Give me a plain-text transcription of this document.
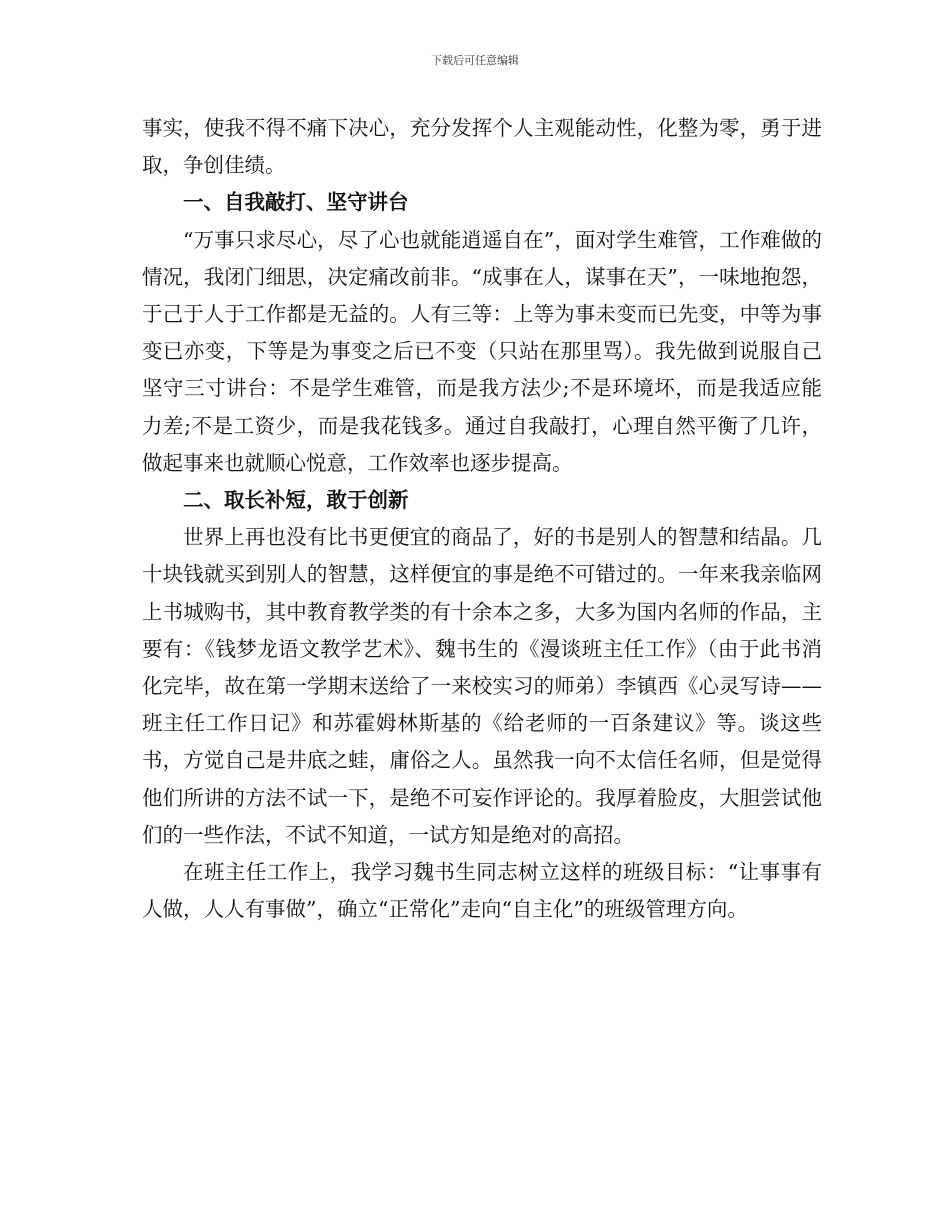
下载后可任意编辑

事实，使我不得不痛下决心，充分发挥个人主观能动性，化整为零，勇于进取，争创佳绩。

一、自我敲打、坚守讲台

“万事只求尽心，尽了心也就能逍遥自在”，面对学生难管，工作难做的情况，我闭门细思，决定痛改前非。“成事在人，谋事在天”，一味地抱怨，于己于人于工作都是无益的。人有三等：上等为事未变而已先变，中等为事变已亦变，下等是为事变之后已不变（只站在那里骂）。我先做到说服自己坚守三寸讲台：不是学生难管，而是我方法少;不是环境坏，而是我适应能力差;不是工资少，而是我花钱多。通过自我敲打，心理自然平衡了几许，做起事来也就顺心悦意，工作效率也逐步提高。

二、取长补短，敢于创新

世界上再也没有比书更便宜的商品了，好的书是别人的智慧和结晶。几十块钱就买到别人的智慧，这样便宜的事是绝不可错过的。一年来我亲临网上书城购书，其中教育教学类的有十余本之多，大多为国内名师的作品，主要有：《钱梦龙语文教学艺术》、魏书生的《漫谈班主任工作》（由于此书消化完毕，故在第一学期末送给了一来校实习的师弟）李镇西《心灵写诗——班主任工作日记》和苏霍姆林斯基的《给老师的一百条建议》等。谈这些书，方觉自己是井底之蛙，庸俗之人。虽然我一向不太信任名师，但是觉得他们所讲的方法不试一下，是绝不可妄作评论的。我厚着脸皮，大胆尝试他们的一些作法，不试不知道，一试方知是绝对的高招。

在班主任工作上，我学习魏书生同志树立这样的班级目标：“让事事有人做，人人有事做”，确立“正常化”走向“自主化”的班级管理方向。
